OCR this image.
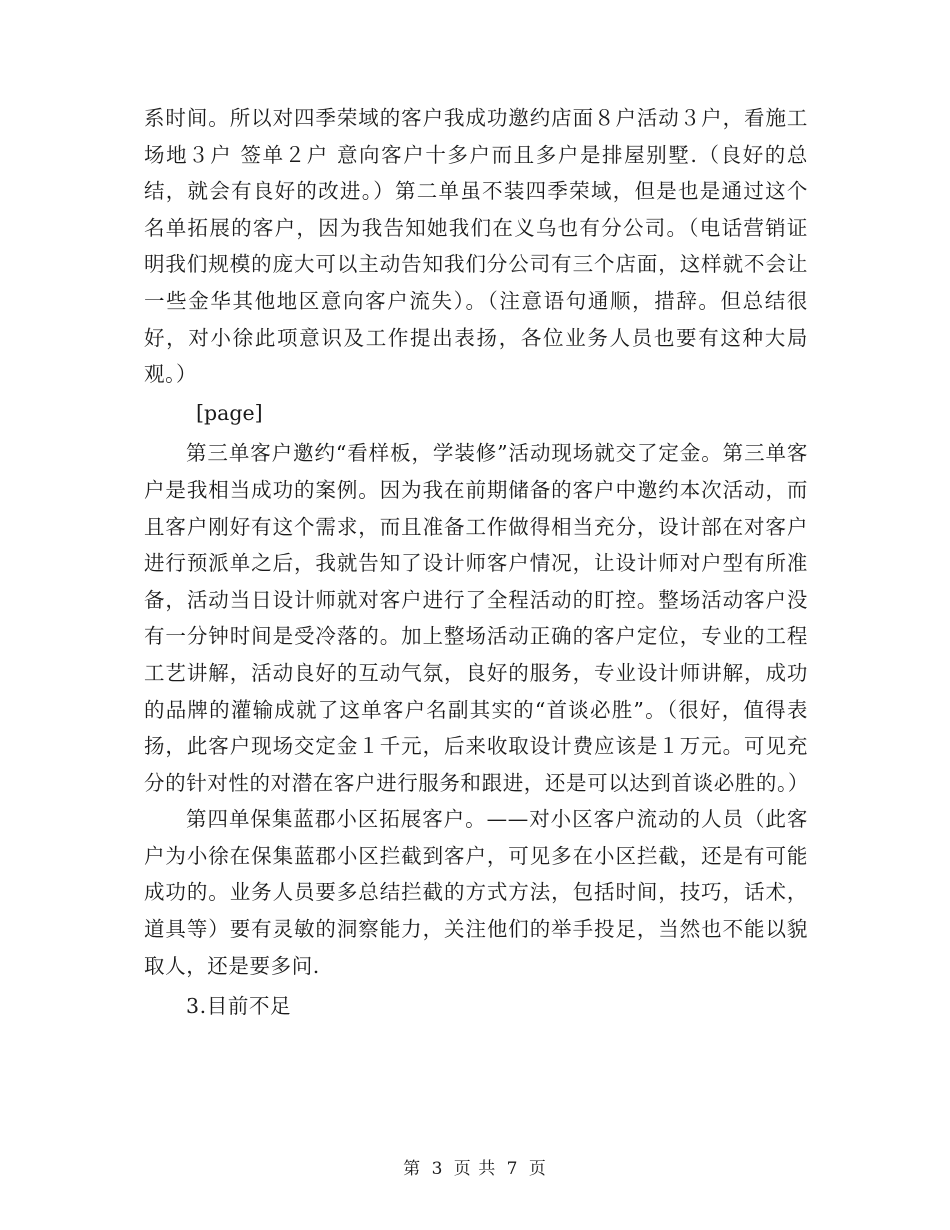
系时间。所以对四季荣域的客户我成功邀约店面８户活动３户，看施工场地３户 签单２户 意向客户十多户而且多户是排屋别墅.（良好的总结，就会有良好的改进。）第二单虽不装四季荣域，但是也是通过这个名单拓展的客户，因为我告知她我们在义乌也有分公司。（电话营销证明我们规模的庞大可以主动告知我们分公司有三个店面，这样就不会让一些金华其他地区意向客户流失）。（注意语句通顺，措辞。但总结很好，对小徐此项意识及工作提出表扬，各位业务人员也要有这种大局观。）

[page]

第三单客户邀约“看样板，学装修”活动现场就交了定金。第三单客户是我相当成功的案例。因为我在前期储备的客户中邀约本次活动，而且客户刚好有这个需求，而且准备工作做得相当充分，设计部在对客户进行预派单之后，我就告知了设计师客户情况，让设计师对户型有所准备，活动当日设计师就对客户进行了全程活动的盯控。整场活动客户没有一分钟时间是受冷落的。加上整场活动正确的客户定位，专业的工程工艺讲解，活动良好的互动气氛，良好的服务，专业设计师讲解，成功的品牌的灌输成就了这单客户名副其实的“首谈必胜”。（很好，值得表扬，此客户现场交定金１千元，后来收取设计费应该是１万元。可见充分的针对性的对潜在客户进行服务和跟进，还是可以达到首谈必胜的。）

第四单保集蓝郡小区拓展客户。——对小区客户流动的人员（此客户为小徐在保集蓝郡小区拦截到客户，可见多在小区拦截，还是有可能成功的。业务人员要多总结拦截的方式方法，包括时间，技巧，话术，道具等）要有灵敏的洞察能力，关注他们的举手投足，当然也不能以貌取人，还是要多问.

3.目前不足

第 3 页 共 7 页
